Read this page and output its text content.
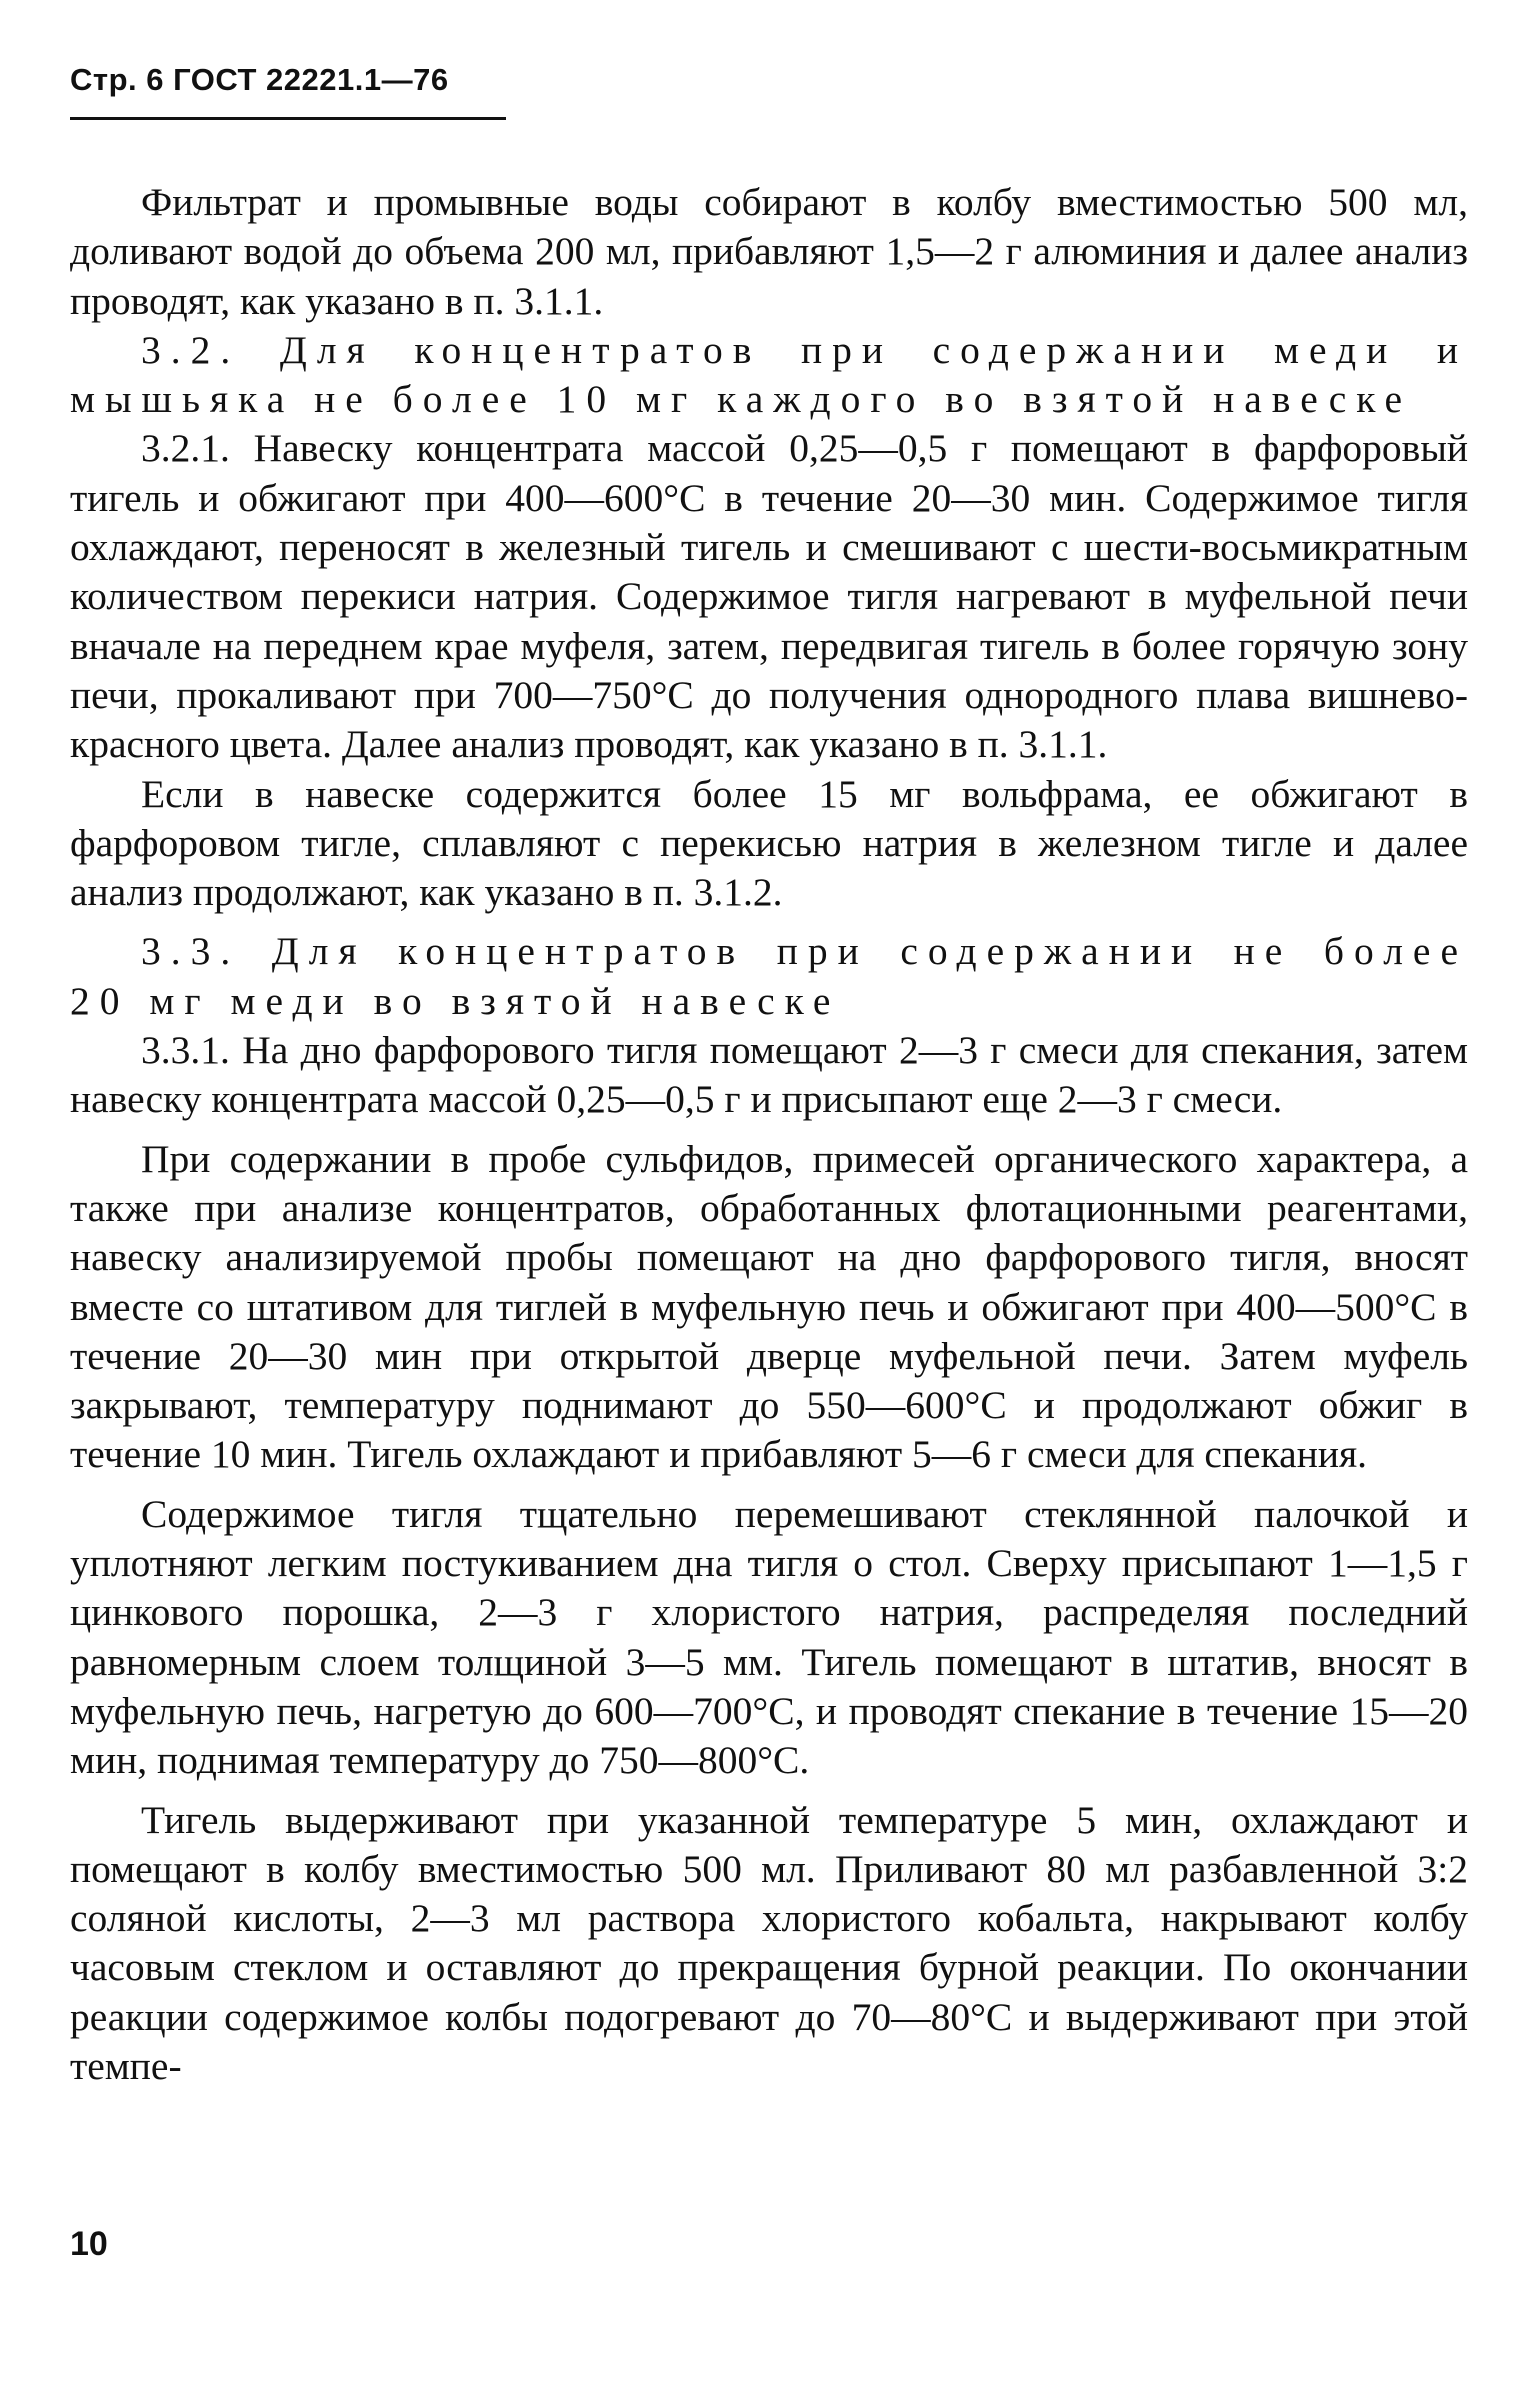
Стр. 6 ГОСТ 22221.1—76

Фильтрат и промывные воды собирают в колбу вместимостью 500 мл, доливают водой до объема 200 мл, прибавляют 1,5—2 г алюминия и далее анализ проводят, как указано в п. 3.1.1.

3.2. Для концентратов при содержании меди и мышьяка не более 10 мг каждого во взятой навеске

3.2.1. Навеску концентрата массой 0,25—0,5 г помещают в фарфоровый тигель и обжигают при 400—600°С в течение 20—30 мин. Содержимое тигля охлаждают, переносят в железный тигель и смешивают с шести-восьмикратным количеством перекиси натрия. Содержимое тигля нагревают в муфельной печи вначале на переднем крае муфеля, затем, передвигая тигель в более горячую зону печи, прокаливают при 700—750°С до получения однородного плава вишнево-красного цвета. Далее анализ проводят, как указано в п. 3.1.1.

Если в навеске содержится более 15 мг вольфрама, ее обжигают в фарфоровом тигле, сплавляют с перекисью натрия в железном тигле и далее анализ продолжают, как указано в п. 3.1.2.

3.3. Для концентратов при содержании не более 20 мг меди во взятой навеске

3.3.1. На дно фарфорового тигля помещают 2—3 г смеси для спекания, затем навеску концентрата массой 0,25—0,5 г и присыпают еще 2—3 г смеси.

При содержании в пробе сульфидов, примесей органического характера, а также при анализе концентратов, обработанных флотационными реагентами, навеску анализируемой пробы помещают на дно фарфорового тигля, вносят вместе со штативом для тиглей в муфельную печь и обжигают при 400—500°С в течение 20—30 мин при открытой дверце муфельной печи. Затем муфель закрывают, температуру поднимают до 550—600°С и продолжают обжиг в течение 10 мин. Тигель охлаждают и прибавляют 5—6 г смеси для спекания.

Содержимое тигля тщательно перемешивают стеклянной палочкой и уплотняют легким постукиванием дна тигля о стол. Сверху присыпают 1—1,5 г цинкового порошка, 2—3 г хлористого натрия, распределяя последний равномерным слоем толщиной 3—5 мм. Тигель помещают в штатив, вносят в муфельную печь, нагретую до 600—700°С, и проводят спекание в течение 15—20 мин, поднимая температуру до 750—800°С.

Тигель выдерживают при указанной температуре 5 мин, охлаждают и помещают в колбу вместимостью 500 мл. Приливают 80 мл разбавленной 3:2 соляной кислоты, 2—3 мл раствора хлористого кобальта, накрывают колбу часовым стеклом и оставляют до прекращения бурной реакции. По окончании реакции содержимое колбы подогревают до 70—80°С и выдерживают при этой темпе-

10
